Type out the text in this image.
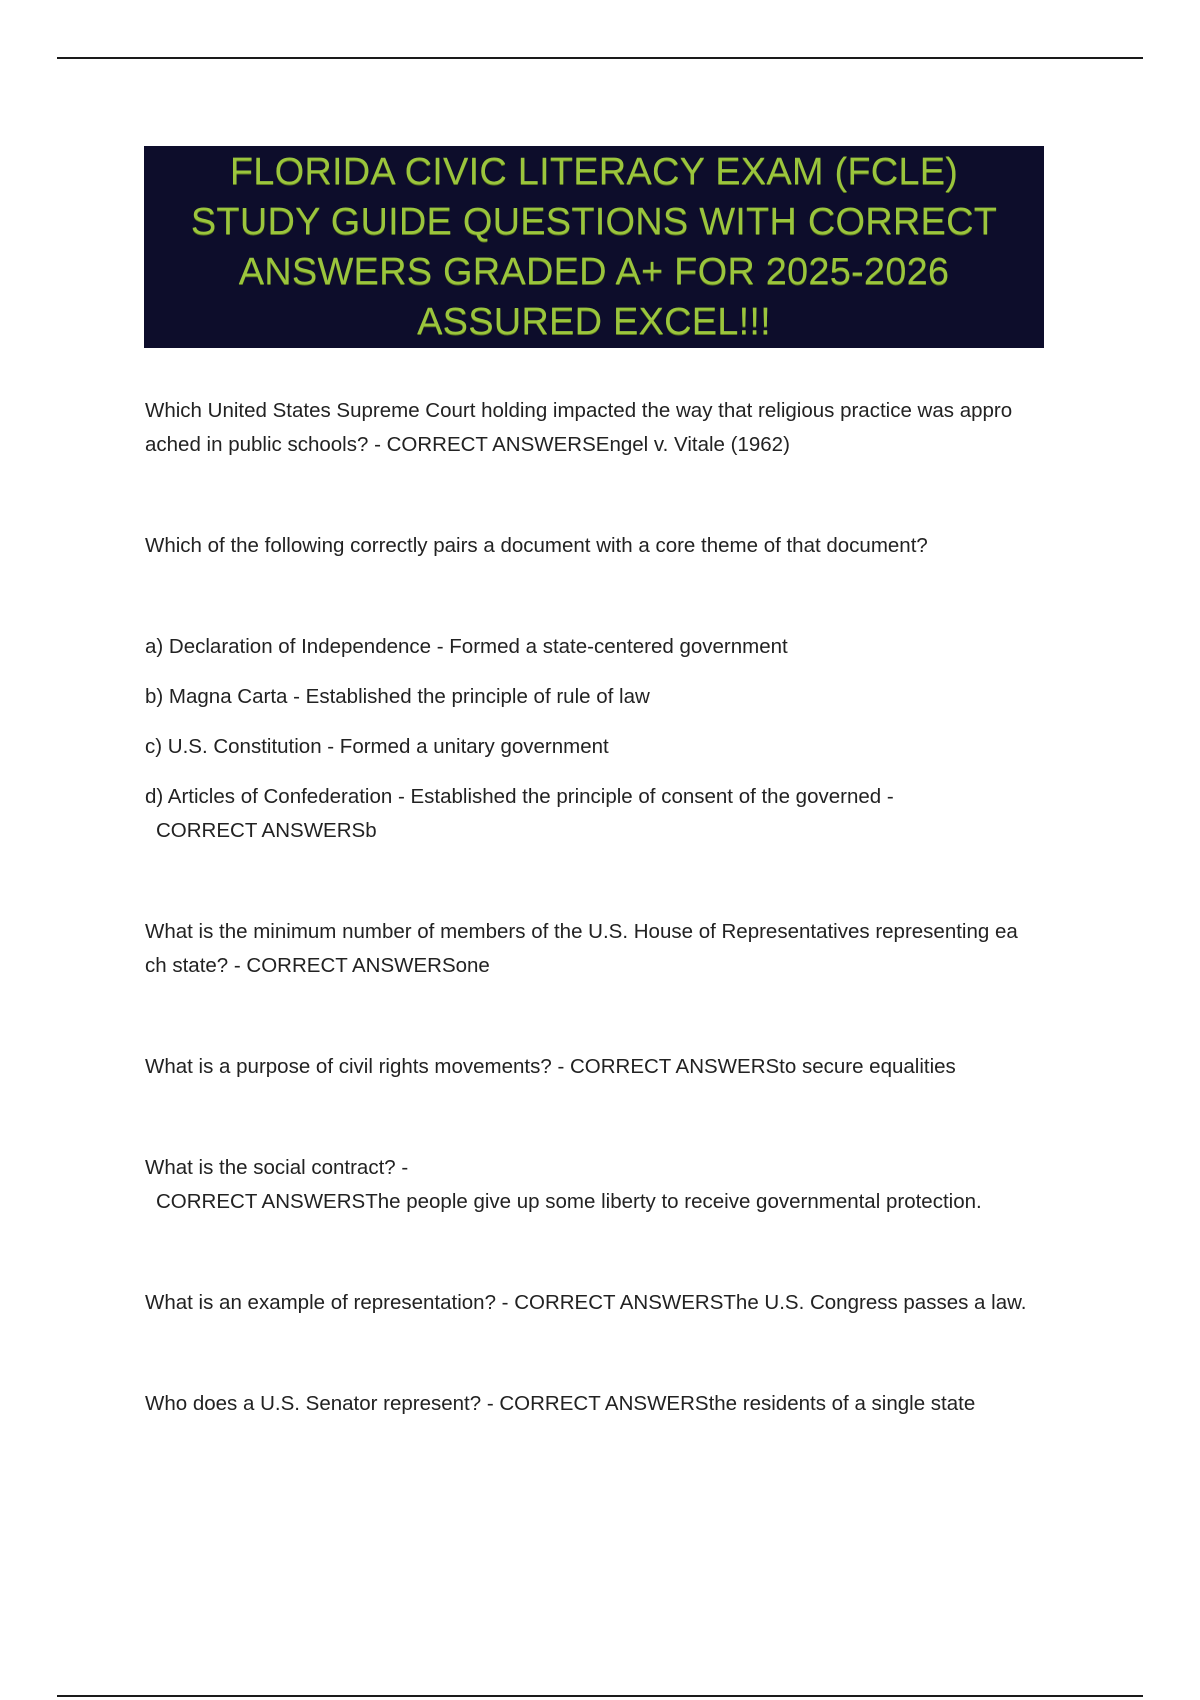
FLORIDA CIVIC LITERACY EXAM (FCLE)
STUDY GUIDE QUESTIONS WITH CORRECT
ANSWERS GRADED A+ FOR 2025-2026
ASSURED EXCEL!!!
Which United States Supreme Court holding impacted the way that religious practice was appro
ached in public schools? - CORRECT ANSWERSEngel v. Vitale (1962)
Which of the following correctly pairs a document with a core theme of that document?
a) Declaration of Independence - Formed a state-centered government
b) Magna Carta - Established the principle of rule of law
c) U.S. Constitution - Formed a unitary government
d) Articles of Confederation - Established the principle of consent of the governed -
CORRECT ANSWERSb
What is the minimum number of members of the U.S. House of Representatives representing ea
ch state? - CORRECT ANSWERSone
What is a purpose of civil rights movements? - CORRECT ANSWERSto secure equalities
What is the social contract? -
CORRECT ANSWERSThe people give up some liberty to receive governmental protection.
What is an example of representation? - CORRECT ANSWERSThe U.S. Congress passes a law.
Who does a U.S. Senator represent? - CORRECT ANSWERSthe residents of a single state
